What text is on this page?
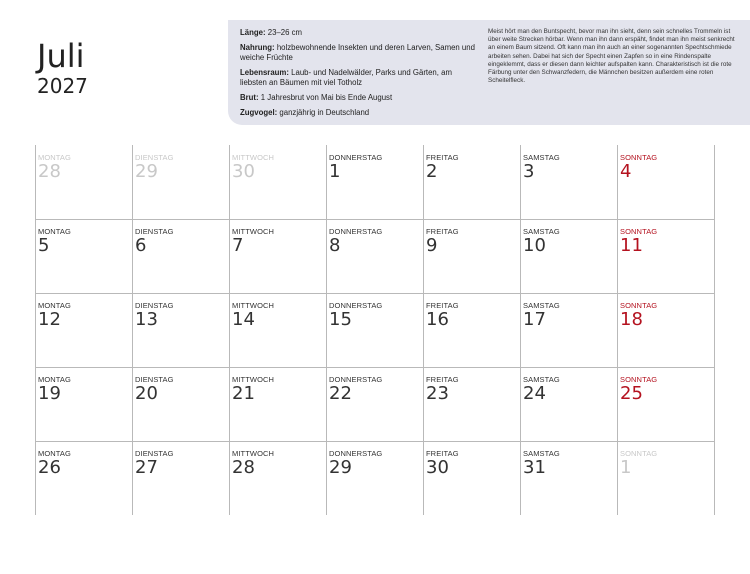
Juli
2027
Länge: 23–26 cm
Nahrung: holzbewohnende Insekten und deren Larven, Samen und weiche Früchte
Lebensraum: Laub- und Nadelwälder, Parks und Gärten, am liebsten an Bäumen mit viel Totholz
Brut: 1 Jahresbrut von Mai bis Ende August
Zugvogel: ganzjährig in Deutschland
Meist hört man den Buntspecht, bevor man ihn sieht, denn sein schnelles Trommeln ist über weite Strecken hörbar. Wenn man ihn dann erspäht, findet man ihn meist senkrecht an einem Baum sitzend. Oft kann man ihn auch an einer sogenannten Spechtschmiede arbeiten sehen. Dabei hat sich der Specht einen Zapfen so in eine Rindenspalte eingeklemmt, dass er diesen dann leichter aufspalten kann. Charakteristisch ist die rote Färbung unter den Schwanzfedern, die Männchen besitzen außerdem eine roten Scheitelfleck.
MONTAG
28
DIENSTAG
29
MITTWOCH
30
DONNERSTAG
1
FREITAG
2
SAMSTAG
3
SONNTAG
4
MONTAG
5
DIENSTAG
6
MITTWOCH
7
DONNERSTAG
8
FREITAG
9
SAMSTAG
10
SONNTAG
11
MONTAG
12
DIENSTAG
13
MITTWOCH
14
DONNERSTAG
15
FREITAG
16
SAMSTAG
17
SONNTAG
18
MONTAG
19
DIENSTAG
20
MITTWOCH
21
DONNERSTAG
22
FREITAG
23
SAMSTAG
24
SONNTAG
25
MONTAG
26
DIENSTAG
27
MITTWOCH
28
DONNERSTAG
29
FREITAG
30
SAMSTAG
31
SONNTAG
1
